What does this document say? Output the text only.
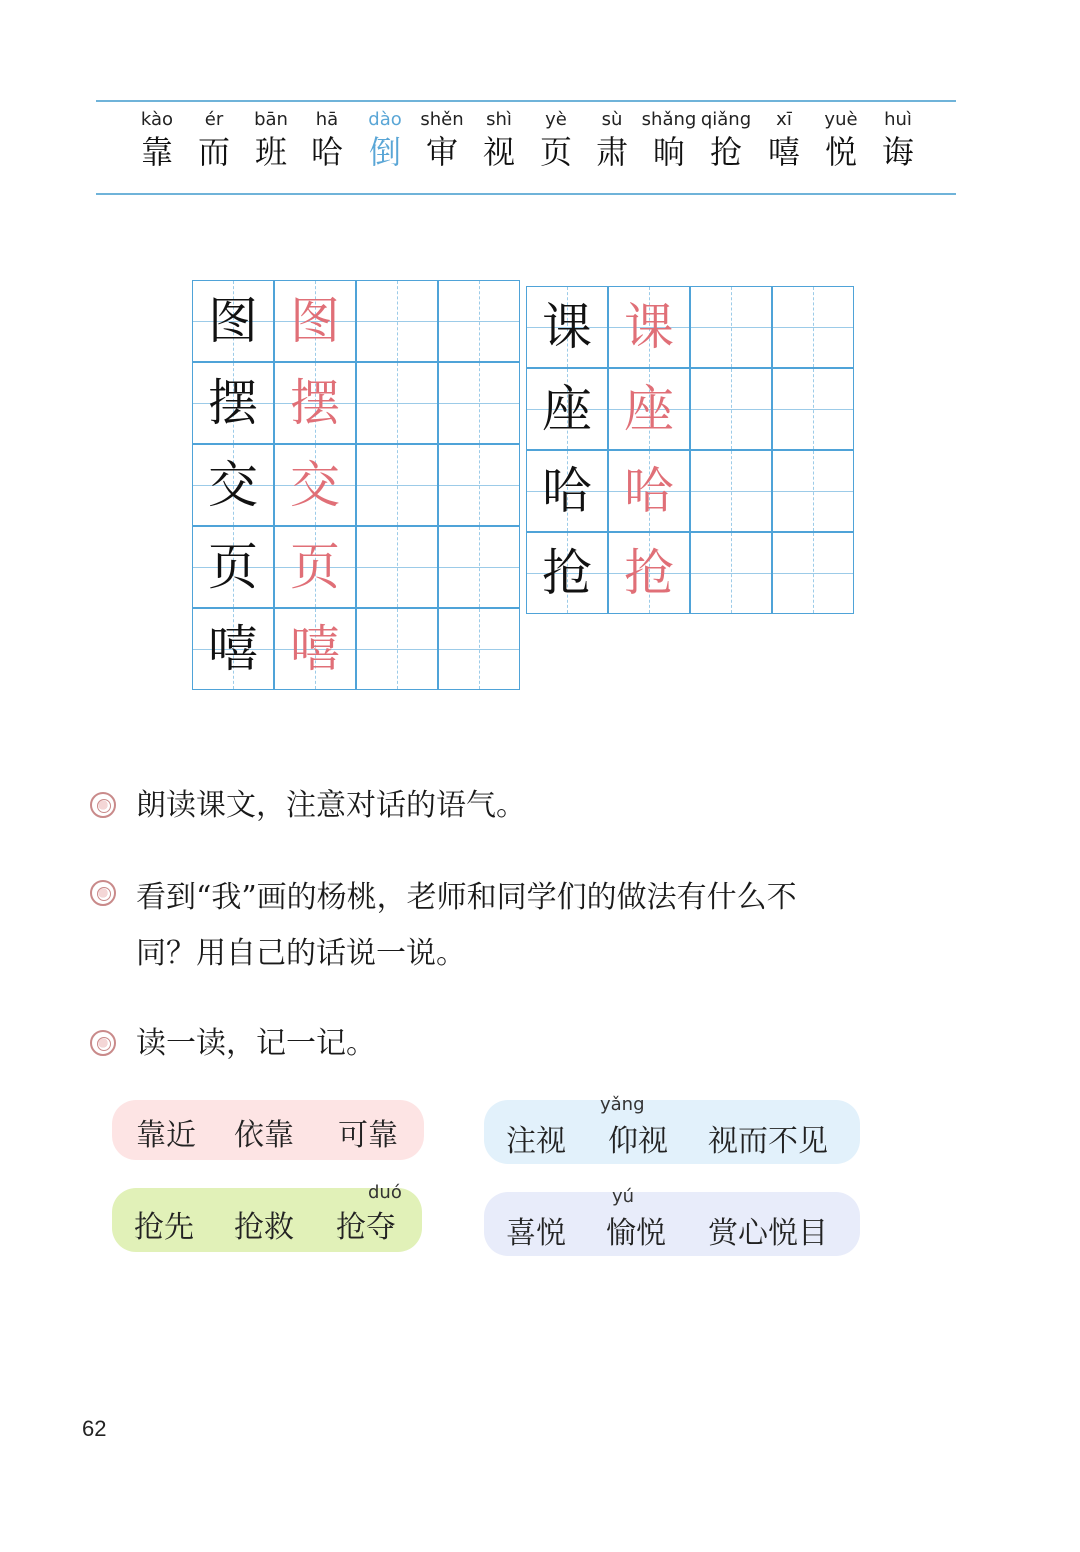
kào
靠
ér
而
bān
班
hā
哈
dào
倒
shěn
审
shì
视
yè
页
sù
肃
shǎng
晌
qiǎng
抢
xī
嘻
yuè
悦
huì
诲
图 图
摆 摆
交 交
页 页
嘻 嘻
课 课
座 座
哈 哈
抢 抢
朗读课文，注意对话的语气。
看到“我”画的杨桃，老师和同学们的做法有什么不
同？用自己的话说一说。
读一读，记一记。
靠近 依靠 可靠
yǎng
注视 仰视 视而不见
duó
抢先 抢救 抢夺
yú
喜悦 愉悦 赏心悦目
62
